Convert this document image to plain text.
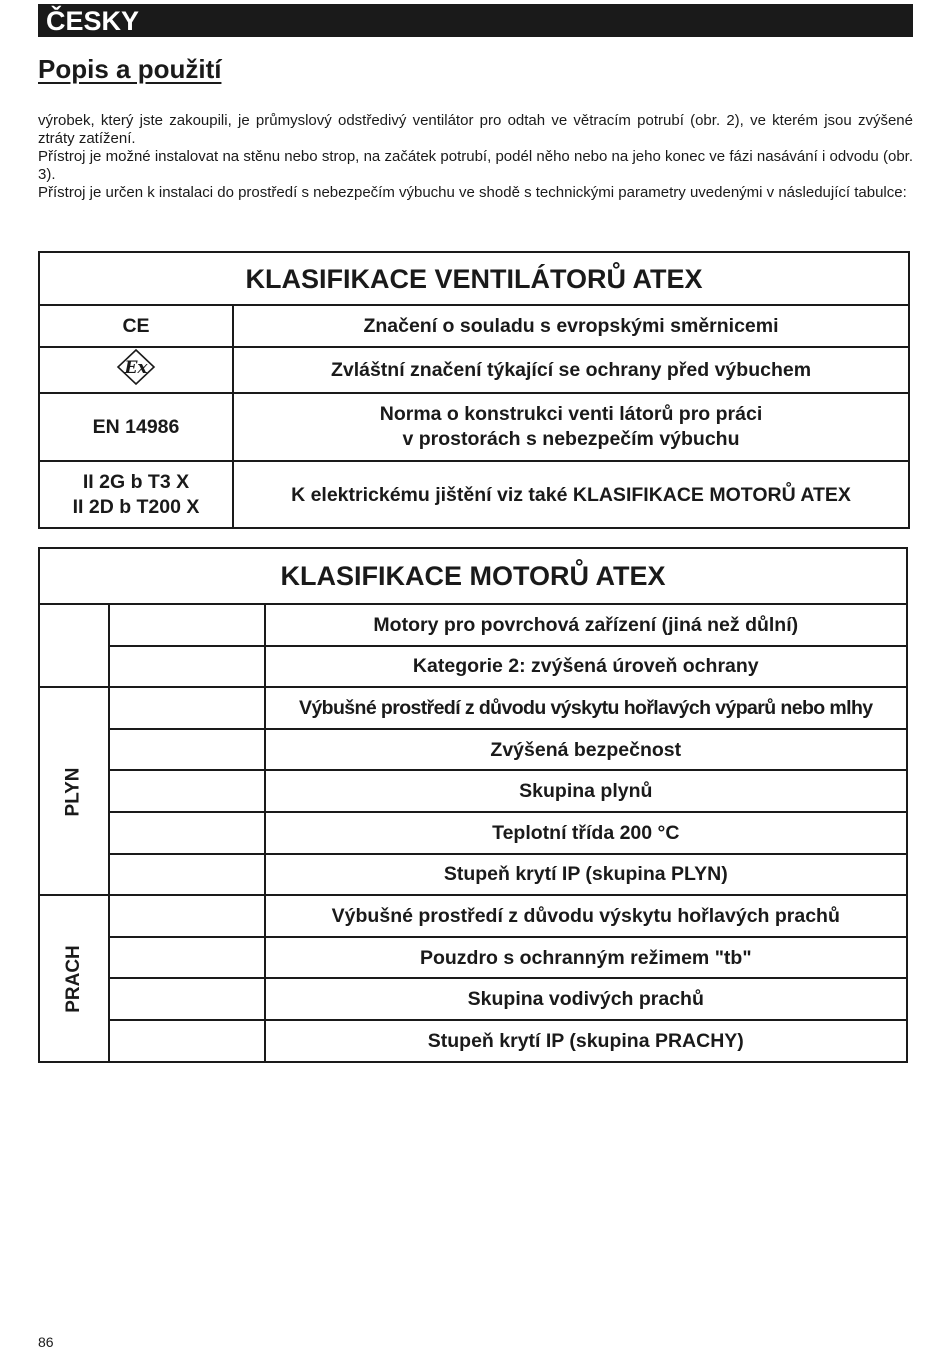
ČESKY
Popis a použití

výrobek, který jste zakoupili, je průmyslový odstředivý ventilátor pro odtah ve větracím potrubí (obr. 2), ve kterém jsou zvýšené ztráty zatížení.

Přístroj je možné instalovat na stěnu nebo strop, na začátek potrubí, podél něho nebo na jeho konec ve fázi nasávání i odvodu (obr. 3).

Přístroj je určen k instalaci do prostředí s nebezpečím výbuchu ve shodě s technickými parametry uvedenými v následující tabulce:

KLASIFIKACE VENTILÁTORŮ ATEX	
CE	Značení o souladu s evropskými směrnicemi

Ex	Zvláštní značení týkající se ochrany před výbuchem
EN 14986	Norma o konstrukci venti látorů pro práci
v prostorách s nebezpečím výbuchu

II 2G b T3 X
II 2D b T200 X	K elektrickému jištění viz také KLASIFIKACE MOTORŮ ATEX
KLASIFIKACE MOTORŮ ATEX		
		Motory pro povrchová zařízení (jiná než důlní)
		Kategorie 2: zvýšená úroveň ochrany
PLYN		Výbušné prostředí z důvodu výskytu hořlavých výparů nebo mlhy
		Zvýšená bezpečnost
		Skupina plynů
		Teplotní třída 200 °C
		Stupeň krytí IP (skupina PLYN)
PRACH		Výbušné prostředí z důvodu výskytu hořlavých prachů
		Pouzdro s ochranným režimem "tb"
		Skupina vodivých prachů
		Stupeň krytí IP (skupina PRACHY)
86
